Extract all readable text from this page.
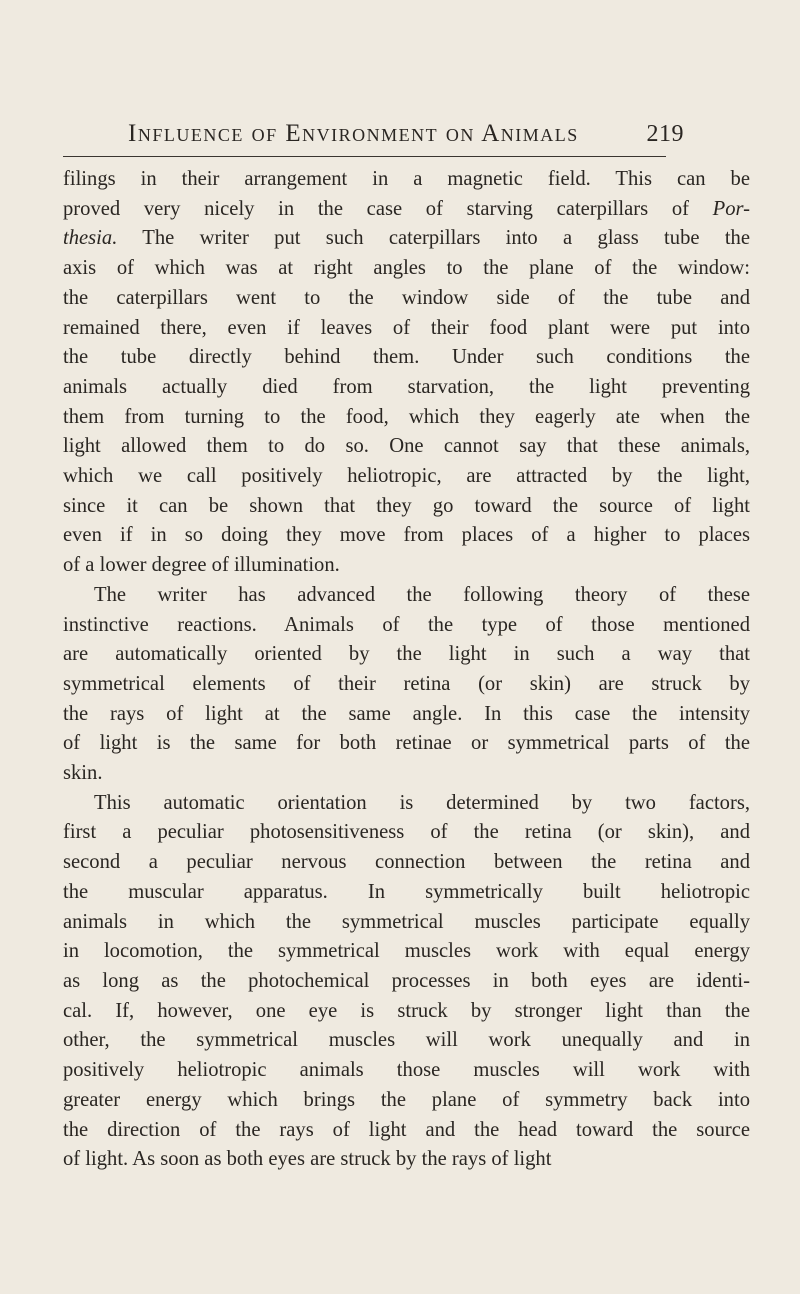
Influence of Environment on Animals	219
filings in their arrangement in a magnetic field. This can be
proved very nicely in the case of starving caterpillars of Por-
thesia. The writer put such caterpillars into a glass tube the
axis of which was at right angles to the plane of the window:
the caterpillars went to the window side of the tube and
remained there, even if leaves of their food plant were put into
the tube directly behind them. Under such conditions the
animals actually died from starvation, the light preventing
them from turning to the food, which they eagerly ate when the
light allowed them to do so. One cannot say that these animals,
which we call positively heliotropic, are attracted by the light,
since it can be shown that they go toward the source of light
even if in so doing they move from places of a higher to places
of a lower degree of illumination.
The writer has advanced the following theory of these
instinctive reactions. Animals of the type of those mentioned
are automatically oriented by the light in such a way that
symmetrical elements of their retina (or skin) are struck by
the rays of light at the same angle. In this case the intensity
of light is the same for both retinae or symmetrical parts of the
skin.
This automatic orientation is determined by two factors,
first a peculiar photosensitiveness of the retina (or skin), and
second a peculiar nervous connection between the retina and
the muscular apparatus. In symmetrically built heliotropic
animals in which the symmetrical muscles participate equally
in locomotion, the symmetrical muscles work with equal energy
as long as the photochemical processes in both eyes are identi-
cal. If, however, one eye is struck by stronger light than the
other, the symmetrical muscles will work unequally and in
positively heliotropic animals those muscles will work with
greater energy which brings the plane of symmetry back into
the direction of the rays of light and the head toward the source
of light. As soon as both eyes are struck by the rays of light
